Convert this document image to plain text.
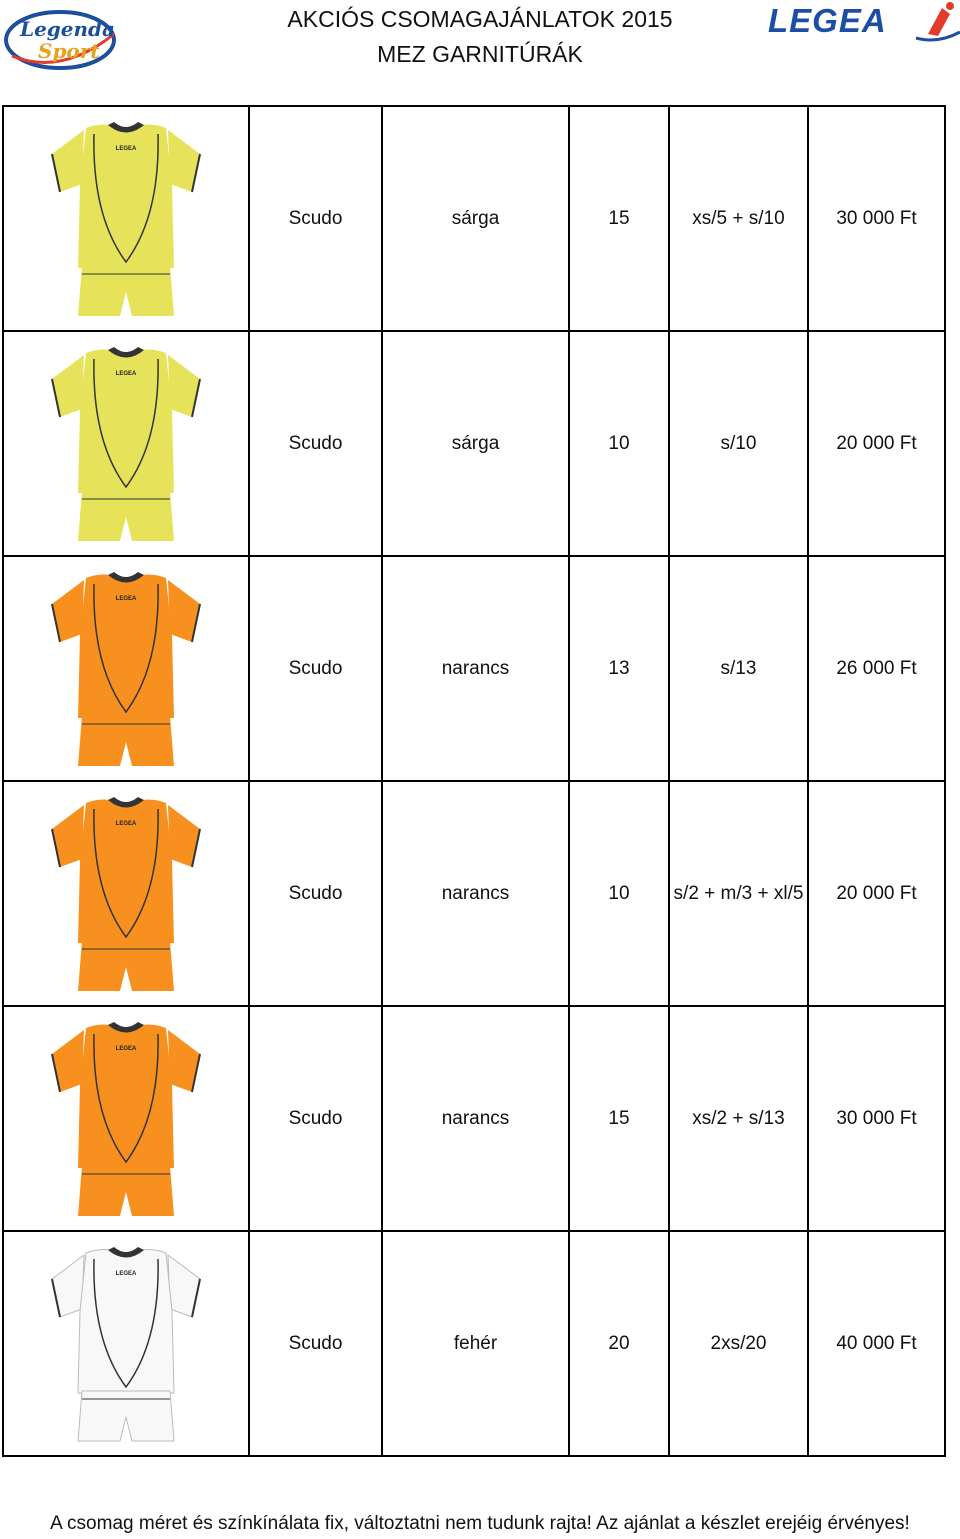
Legenda
Sport
AKCIÓS CSOMAGAJÁNLATOK 2015
MEZ GARNITÚRÁK
LEGEA
LEGEA	Scudo	sárga	15	xs/5 + s/10	30 000 Ft

LEGEA	Scudo	sárga	10	s/10	20 000 Ft

LEGEA	Scudo	narancs	13	s/13	26 000 Ft

LEGEA	Scudo	narancs	10	s/2 + m/3 + xl/5	20 000 Ft

LEGEA	Scudo	narancs	15	xs/2 + s/13	30 000 Ft

LEGEA	Scudo	fehér	20	2xs/20	40 000 Ft
A csomag méret és színkínálata fix, változtatni nem tudunk rajta! Az ajánlat a készlet erejéig érvényes!
